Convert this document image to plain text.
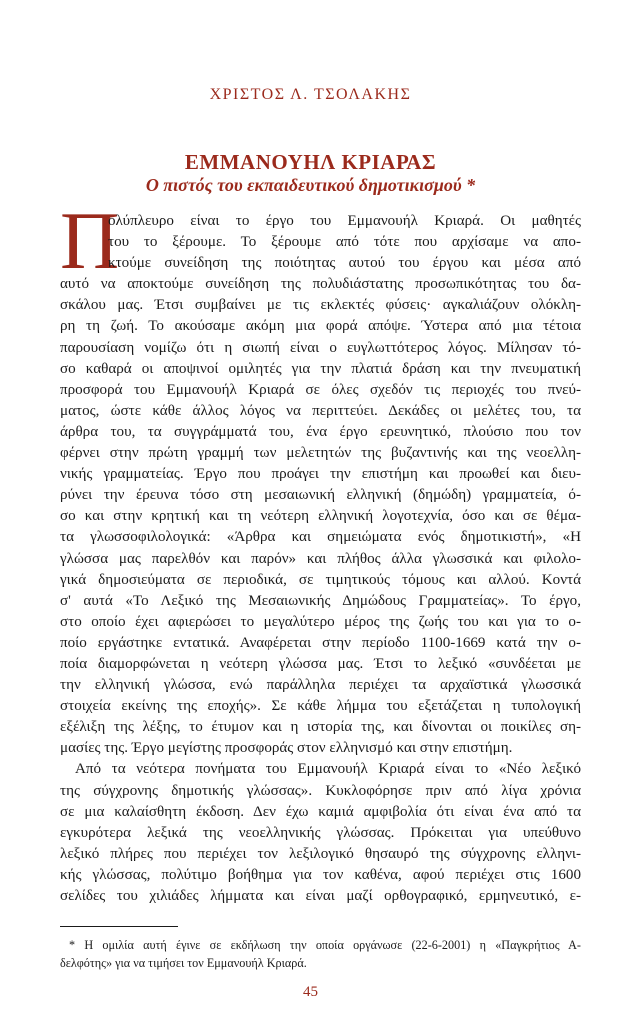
ΧΡΙΣΤΟΣ Λ. ΤΣΟΛΑΚΗΣ
ΕΜΜΑΝΟΥΗΛ ΚΡΙΑΡΑΣ
Ο πιστός του εκπαιδευτικού δημοτικισμού *
Π
ολύπλευρο είναι το έργο του Εμμανουήλ Κριαρά. Οι μαθητές
του το ξέρουμε. Το ξέρουμε από τότε που αρχίσαμε να απο-
κτούμε συνείδηση της ποιότητας αυτού του έργου και μέσα από
αυτό να αποκτούμε συνείδηση της πολυδιάστατης προσωπικότητας του δα-
σκάλου μας. Έτσι συμβαίνει με τις εκλεκτές φύσεις· αγκαλιάζουν ολόκλη-
ρη τη ζωή. Το ακούσαμε ακόμη μια φορά απόψε. Ύστερα από μια τέτοια
παρουσίαση νομίζω ότι η σιωπή είναι ο ευγλωττότερος λόγος. Μίλησαν τό-
σο καθαρά οι αποψινοί ομιλητές για την πλατιά δράση και την πνευματική
προσφορά του Εμμανουήλ Κριαρά σε όλες σχεδόν τις περιοχές του πνεύ-
ματος, ώστε κάθε άλλος λόγος να περιττεύει. Δεκάδες οι μελέτες του, τα
άρθρα του, τα συγγράμματά του, ένα έργο ερευνητικό, πλούσιο που τον
φέρνει στην πρώτη γραμμή των μελετητών της βυζαντινής και της νεοελλη-
νικής γραμματείας. Έργο που προάγει την επιστήμη και προωθεί και διευ-
ρύνει την έρευνα τόσο στη μεσαιωνική ελληνική (δημώδη) γραμματεία, ό-
σο και στην κρητική και τη νεότερη ελληνική λογοτεχνία, όσο και σε θέμα-
τα γλωσσοφιλολογικά: «Άρθρα και σημειώματα ενός δημοτικιστή», «Η
γλώσσα μας παρελθόν και παρόν» και πλήθος άλλα γλωσσικά και φιλολο-
γικά δημοσιεύματα σε περιοδικά, σε τιμητικούς τόμους και αλλού. Κοντά
σ' αυτά «Το Λεξικό της Μεσαιωνικής Δημώδους Γραμματείας». Το έργο,
στο οποίο έχει αφιερώσει το μεγαλύτερο μέρος της ζωής του και για το ο-
ποίο εργάστηκε εντατικά. Αναφέρεται στην περίοδο 1100-1669 κατά την ο-
ποία διαμορφώνεται η νεότερη γλώσσα μας. Έτσι το λεξικό «συνδέεται με
την ελληνική γλώσσα, ενώ παράλληλα περιέχει τα αρχαϊστικά γλωσσικά
στοιχεία εκείνης της εποχής». Σε κάθε λήμμα του εξετάζεται η τυπολογική
εξέλιξη της λέξης, το έτυμον και η ιστορία της, και δίνονται οι ποικίλες ση-
μασίες της. Έργο μεγίστης προσφοράς στον ελληνισμό και στην επιστήμη.
Από τα νεότερα πονήματα του Εμμανουήλ Κριαρά είναι το «Νέο λεξικό
της σύγχρονης δημοτικής γλώσσας». Κυκλοφόρησε πριν από λίγα χρόνια
σε μια καλαίσθητη έκδοση. Δεν έχω καμιά αμφιβολία ότι είναι ένα από τα
εγκυρότερα λεξικά της νεοελληνικής γλώσσας. Πρόκειται για υπεύθυνο
λεξικό πλήρες που περιέχει τον λεξιλογικό θησαυρό της σύγχρονης ελληνι-
κής γλώσσας, πολύτιμο βοήθημα για τον καθένα, αφού περιέχει στις 1600
σελίδες του χιλιάδες λήμματα και είναι μαζί ορθογραφικό, ερμηνευτικό, ε-
* Η ομιλία αυτή έγινε σε εκδήλωση την οποία οργάνωσε (22-6-2001) η «Παγκρήτιος Α-
δελφότης» για να τιμήσει τον Εμμανουήλ Κριαρά.
45
